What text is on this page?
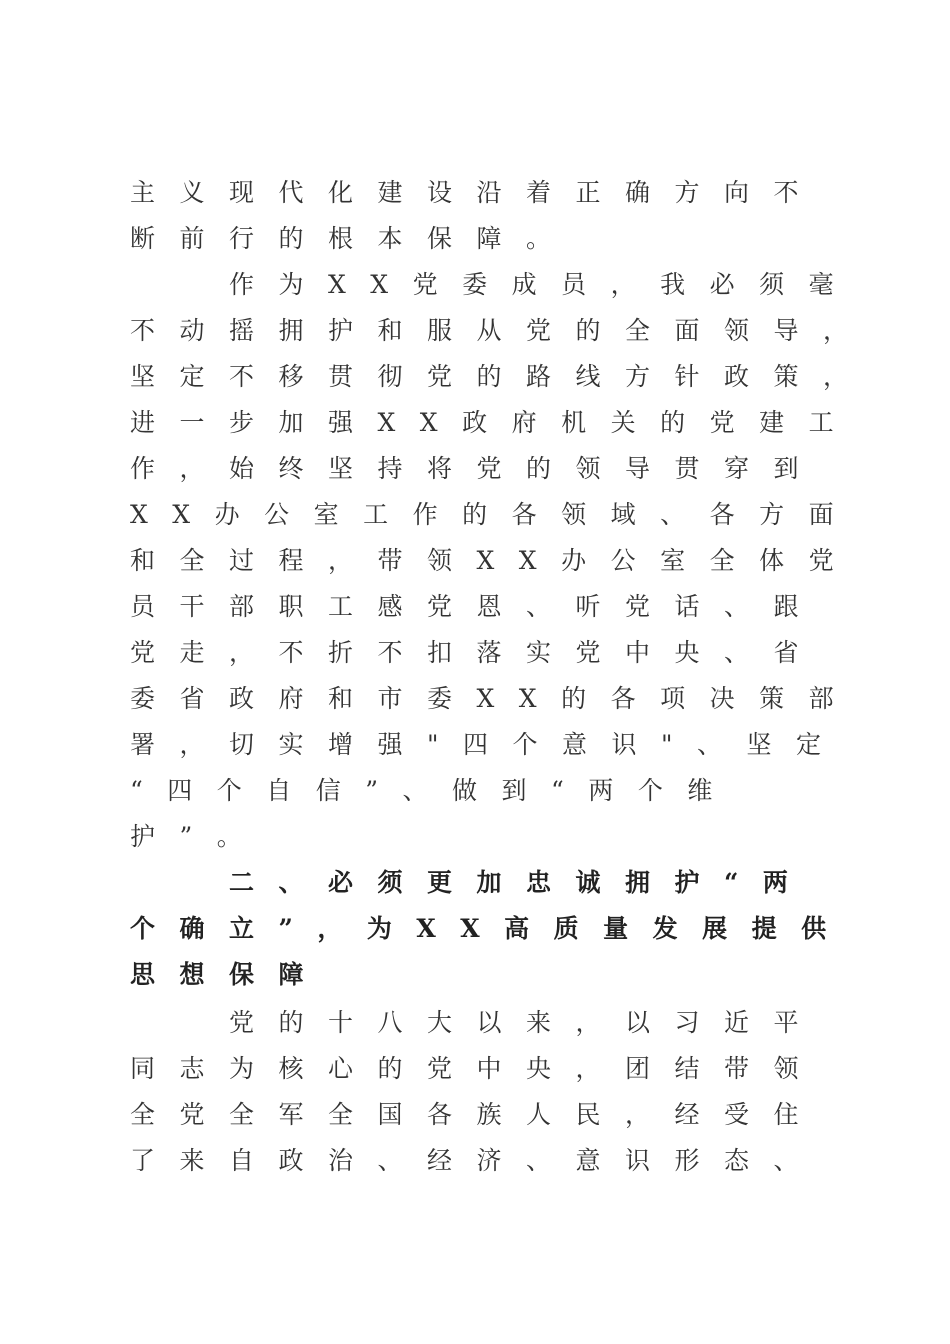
主义现代化建设沿着正确方向不
断前行的根本保障。
　　作为XX党委成员，我必须毫
不动摇拥护和服从党的全面领导，
坚定不移贯彻党的路线方针政策，
进一步加强XX政府机关的党建工
作，始终坚持将党的领导贯穿到
XX办公室工作的各领域、各方面
和全过程，带领XX办公室全体党
员干部职工感党恩、听党话、跟
党走，不折不扣落实党中央、省
委省政府和市委XX的各项决策部
署，切实增强"四个意识"、坚定
“四个自信”、做到“两个维
护”。
　　二、必须更加忠诚拥护“两
个确立”，为XX高质量发展提供
思想保障
　　党的十八大以来，以习近平
同志为核心的党中央，团结带领
全党全军全国各族人民，经受住
了来自政治、经济、意识形态、
